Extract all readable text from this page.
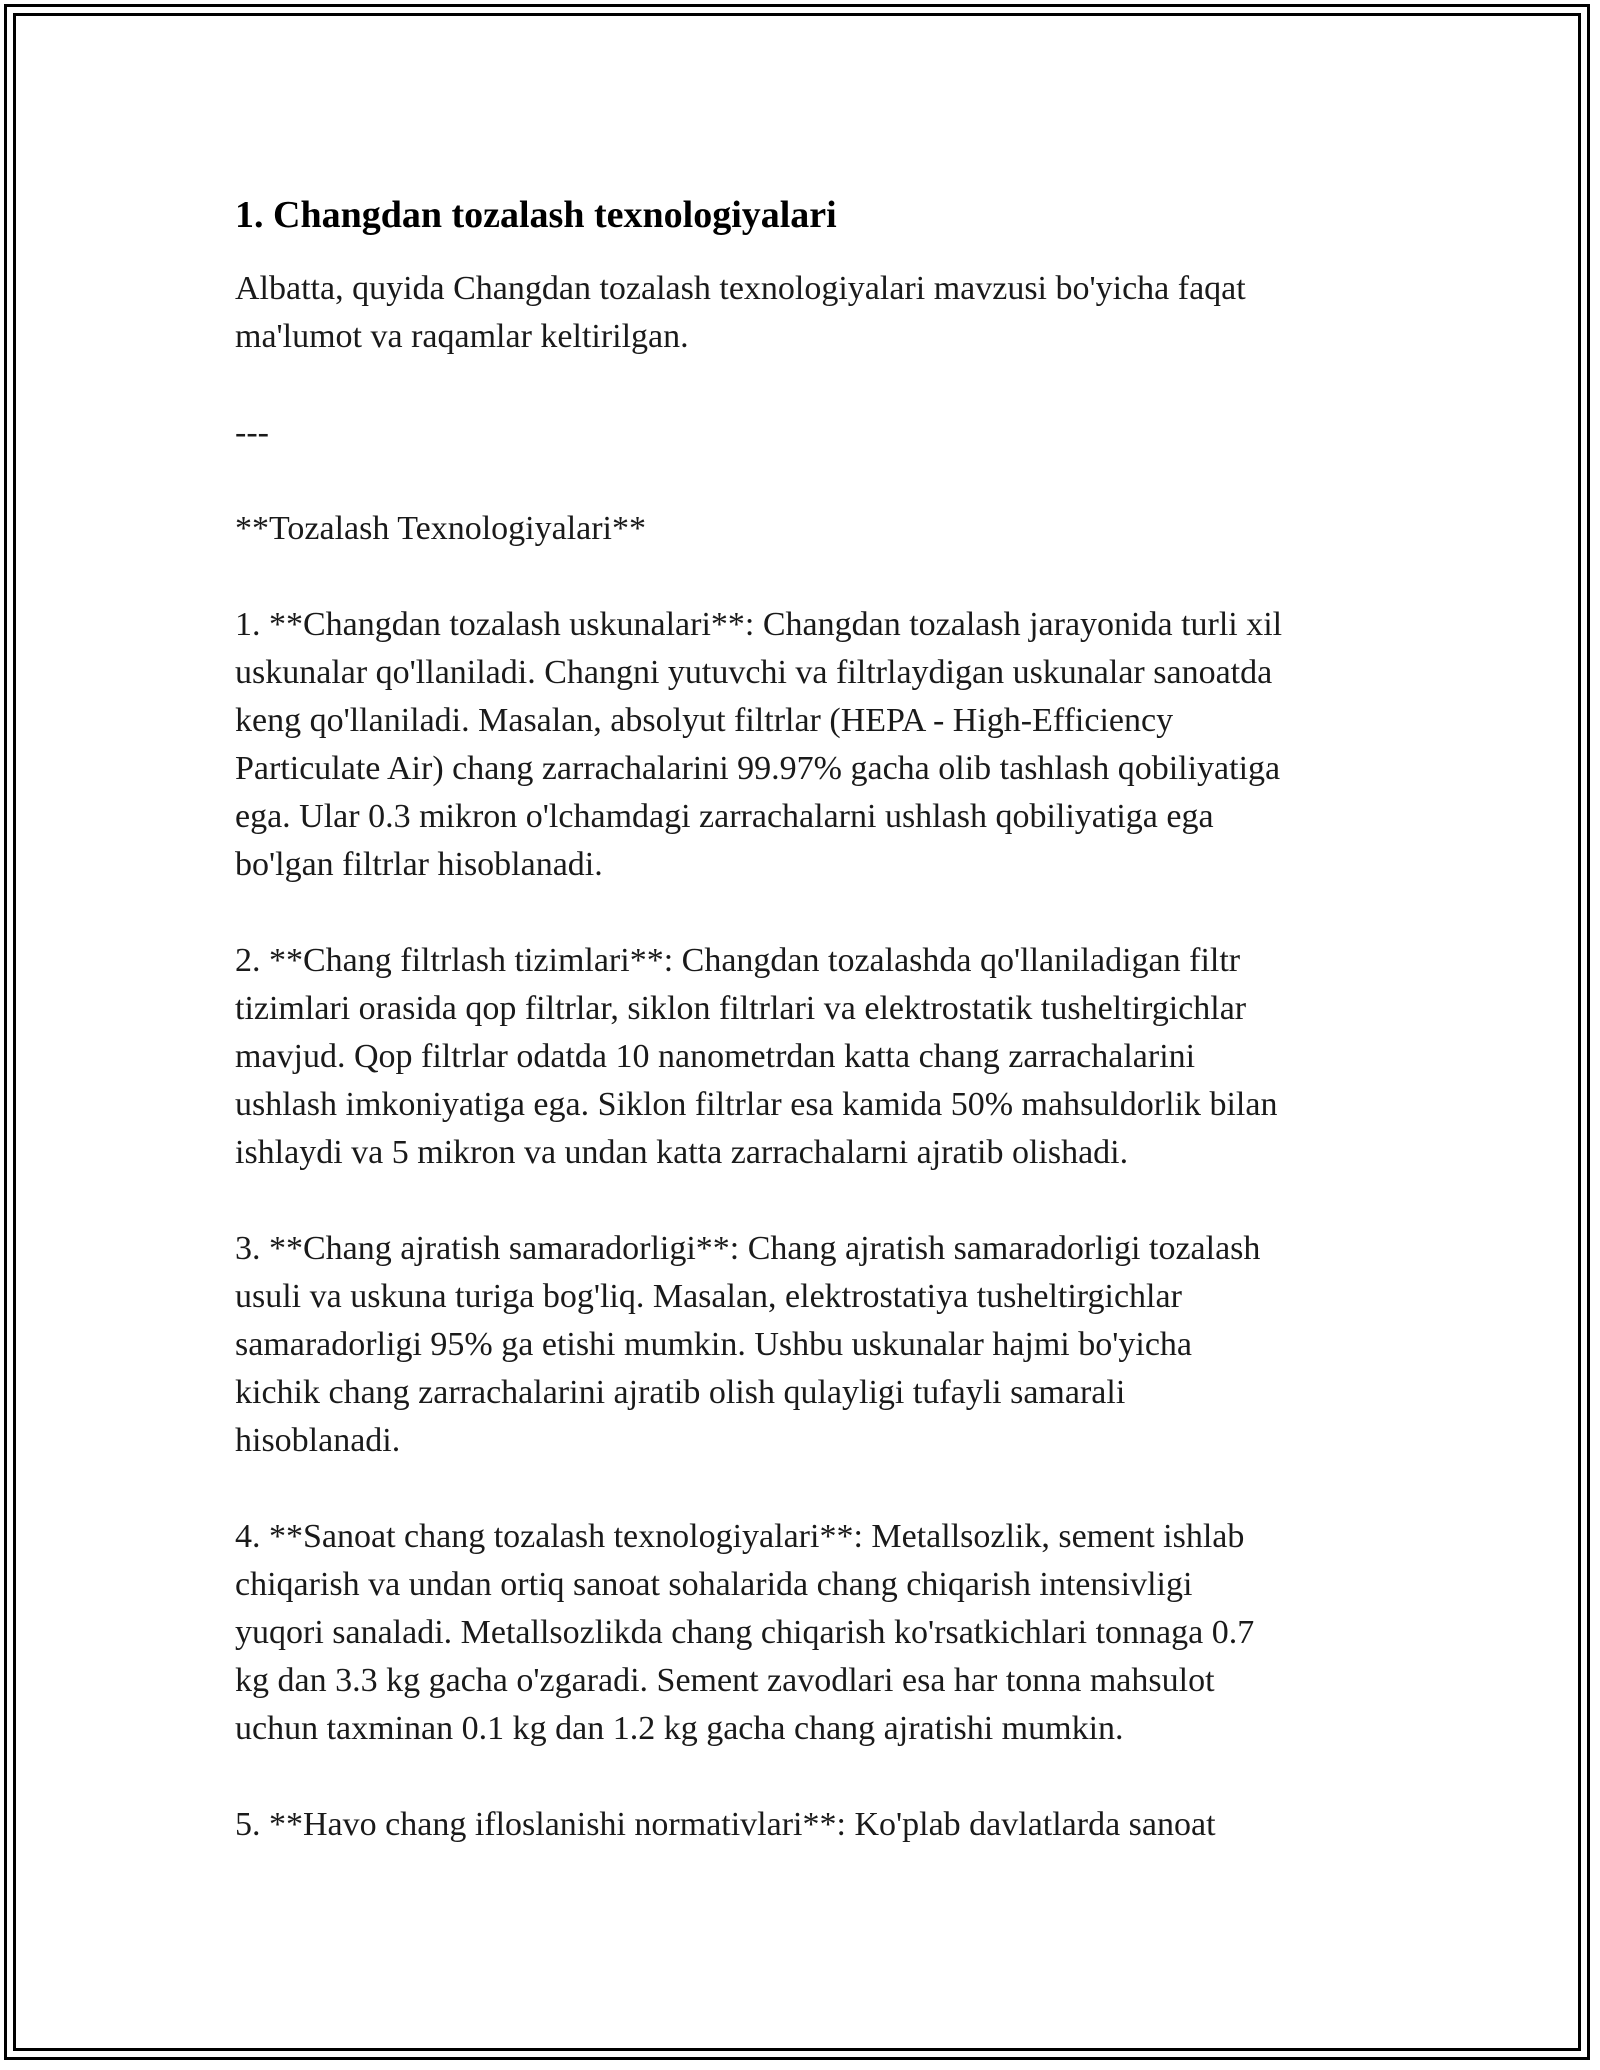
1. Changdan tozalash texnologiyalari

Albatta, quyida Changdan tozalash texnologiyalari mavzusi bo'yicha faqat
ma'lumot va raqamlar keltirilgan.

---

**Tozalash Texnologiyalari**

1. **Changdan tozalash uskunalari**: Changdan tozalash jarayonida turli xil
uskunalar qo'llaniladi. Changni yutuvchi va filtrlaydigan uskunalar sanoatda
keng qo'llaniladi. Masalan, absolyut filtrlar (HEPA - High-Efficiency
Particulate Air) chang zarrachalarini 99.97% gacha olib tashlash qobiliyatiga
ega. Ular 0.3 mikron o'lchamdagi zarrachalarni ushlash qobiliyatiga ega
bo'lgan filtrlar hisoblanadi.

2. **Chang filtrlash tizimlari**: Changdan tozalashda qo'llaniladigan filtr
tizimlari orasida qop filtrlar, siklon filtrlari va elektrostatik tusheltirgichlar
mavjud. Qop filtrlar odatda 10 nanometrdan katta chang zarrachalarini
ushlash imkoniyatiga ega. Siklon filtrlar esa kamida 50% mahsuldorlik bilan
ishlaydi va 5 mikron va undan katta zarrachalarni ajratib olishadi.

3. **Chang ajratish samaradorligi**: Chang ajratish samaradorligi tozalash
usuli va uskuna turiga bog'liq. Masalan, elektrostatiya tusheltirgichlar
samaradorligi 95% ga etishi mumkin. Ushbu uskunalar hajmi bo'yicha
kichik chang zarrachalarini ajratib olish qulayligi tufayli samarali
hisoblanadi.

4. **Sanoat chang tozalash texnologiyalari**: Metallsozlik, sement ishlab
chiqarish va undan ortiq sanoat sohalarida chang chiqarish intensivligi
yuqori sanaladi. Metallsozlikda chang chiqarish ko'rsatkichlari tonnaga 0.7
kg dan 3.3 kg gacha o'zgaradi. Sement zavodlari esa har tonna mahsulot
uchun taxminan 0.1 kg dan 1.2 kg gacha chang ajratishi mumkin.

5. **Havo chang ifloslanishi normativlari**: Ko'plab davlatlarda sanoat
